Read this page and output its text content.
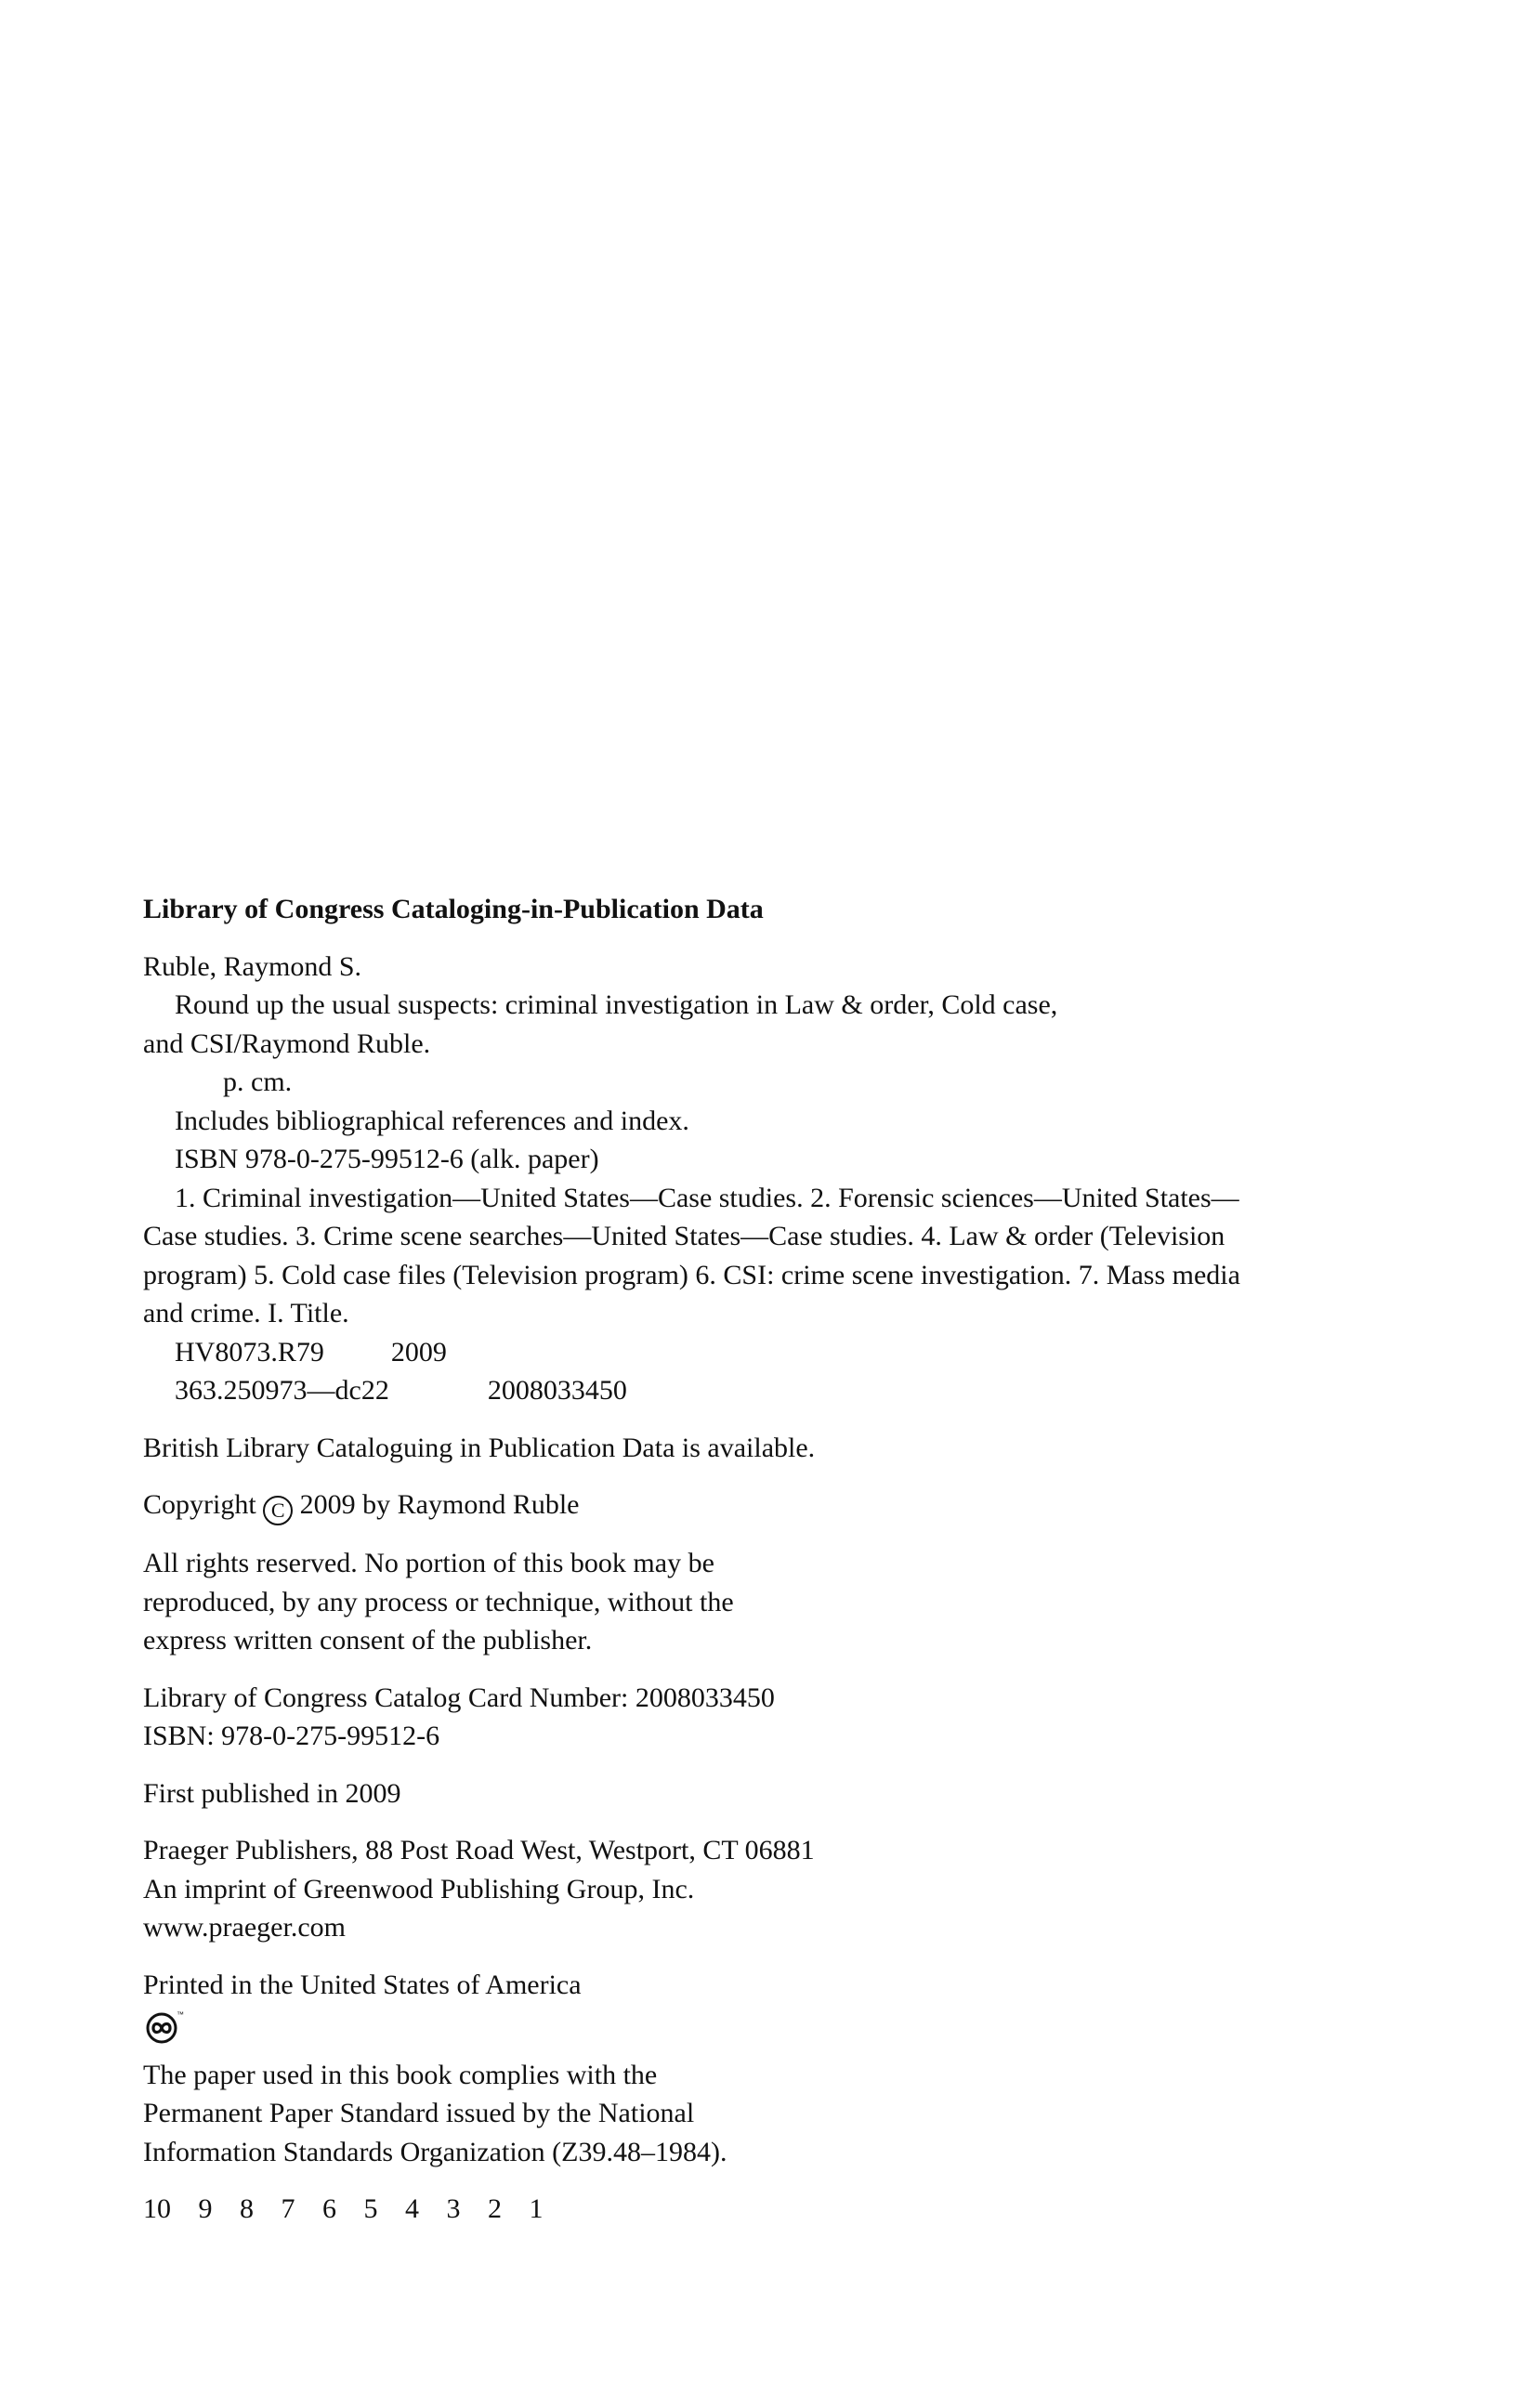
Library of Congress Cataloging-in-Publication Data
Ruble, Raymond S.
Round up the usual suspects: criminal investigation in Law & order, Cold case,
and CSI/Raymond Ruble.
p. cm.
Includes bibliographical references and index.
ISBN 978-0-275-99512-6 (alk. paper)
1. Criminal investigation—United States—Case studies. 2. Forensic sciences—United States—Case studies. 3. Crime scene searches—United States—Case studies. 4. Law & order (Television program) 5. Cold case files (Television program) 6. CSI: crime scene investigation. 7. Mass media and crime. I. Title.
HV8073.R79 2009
363.250973—dc22	2008033450
British Library Cataloguing in Publication Data is available.
Copyright C 2009 by Raymond Ruble
All rights reserved. No portion of this book may be
reproduced, by any process or technique, without the
express written consent of the publisher.
Library of Congress Catalog Card Number: 2008033450
ISBN: 978-0-275-99512-6
First published in 2009
Praeger Publishers, 88 Post Road West, Westport, CT 06881
An imprint of Greenwood Publishing Group, Inc.
www.praeger.com
Printed in the United States of America
™
The paper used in this book complies with the
Permanent Paper Standard issued by the National
Information Standards Organization (Z39.48–1984).
10 9 8 7 6 5 4 3 2 1
